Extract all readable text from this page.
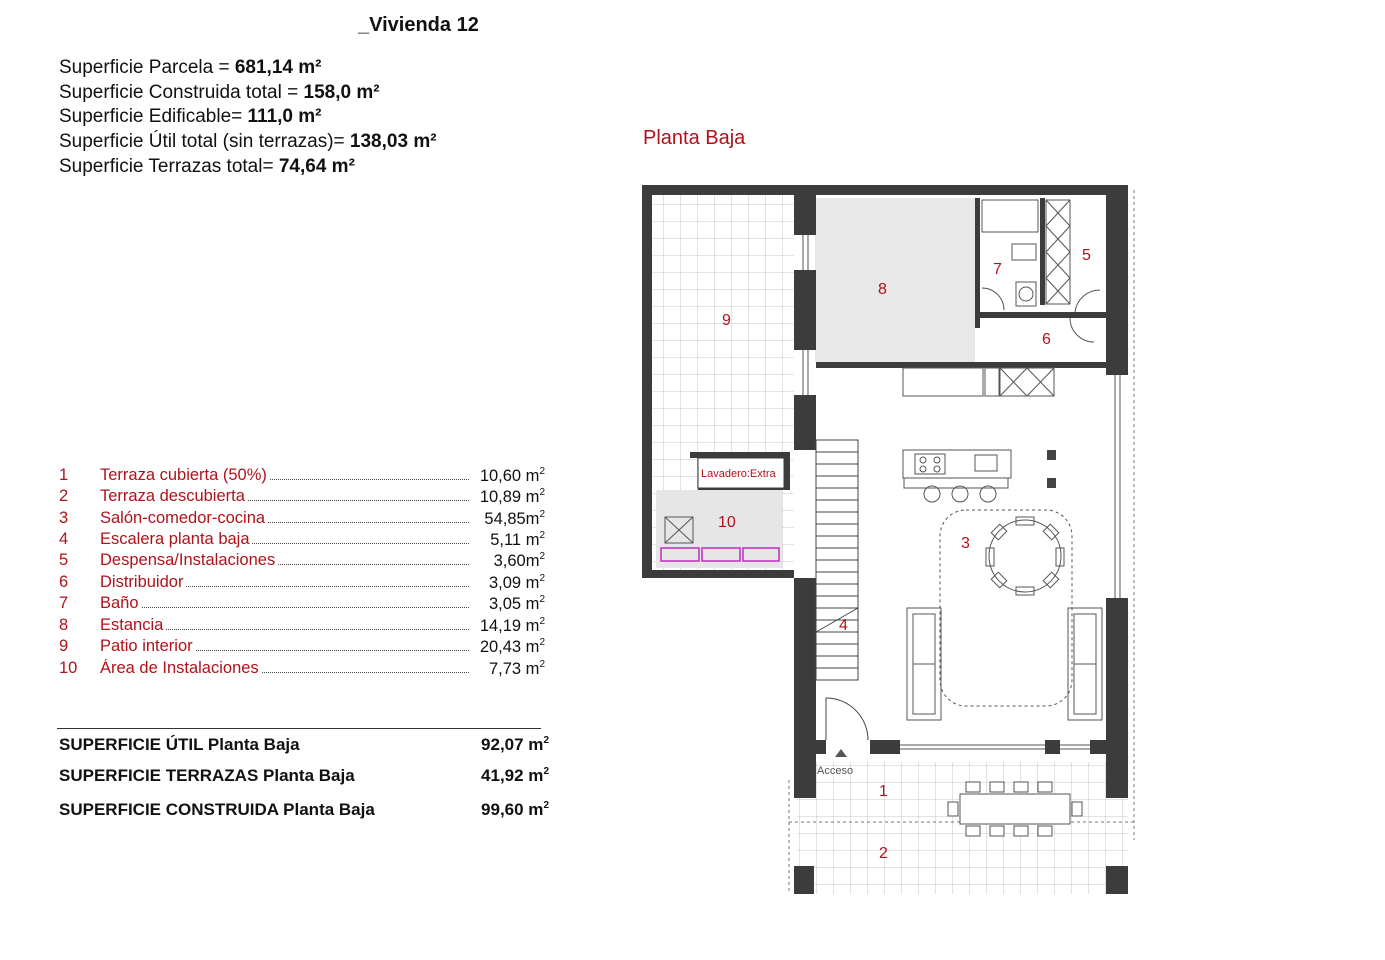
_Vivienda 12
Superficie Parcela = 681,14 m²
Superficie Construida total = 158,0 m²
Superficie Edificable= 111,0 m²
Superficie Útil total (sin terrazas)= 138,03 m²
Superficie Terrazas total= 74,64 m²
1 Terraza cubierta (50%)	10,60 $m^2$
2 Terraza descubierta	10,89 $m^2$
3 Salón-comedor-cocina	$54,85m^2$
4 Escalera planta baja	5,11 $m^2$
5 Despensa/Instalaciones	$3,60m^2$
6 Distribuidor	3,09 $m^2$
7 Baño	3,05 $m^2$
8 Estancia	14,19 $m^2$
9 Patio interior	20,43 $m^2$
10 Área de Instalaciones	7,73 $m^2$
SUPERFICIE ÚTIL Planta Baja	92,07 $m^2$
SUPERFICIE TERRAZAS Planta Baja	41,92 $m^2$
SUPERFICIE CONSTRUIDA Planta Baja	99,60 $m^2$
Planta Baja
1
2
3
4
5
6
7
8
9
10
Lavadero:Extra
Acceso
